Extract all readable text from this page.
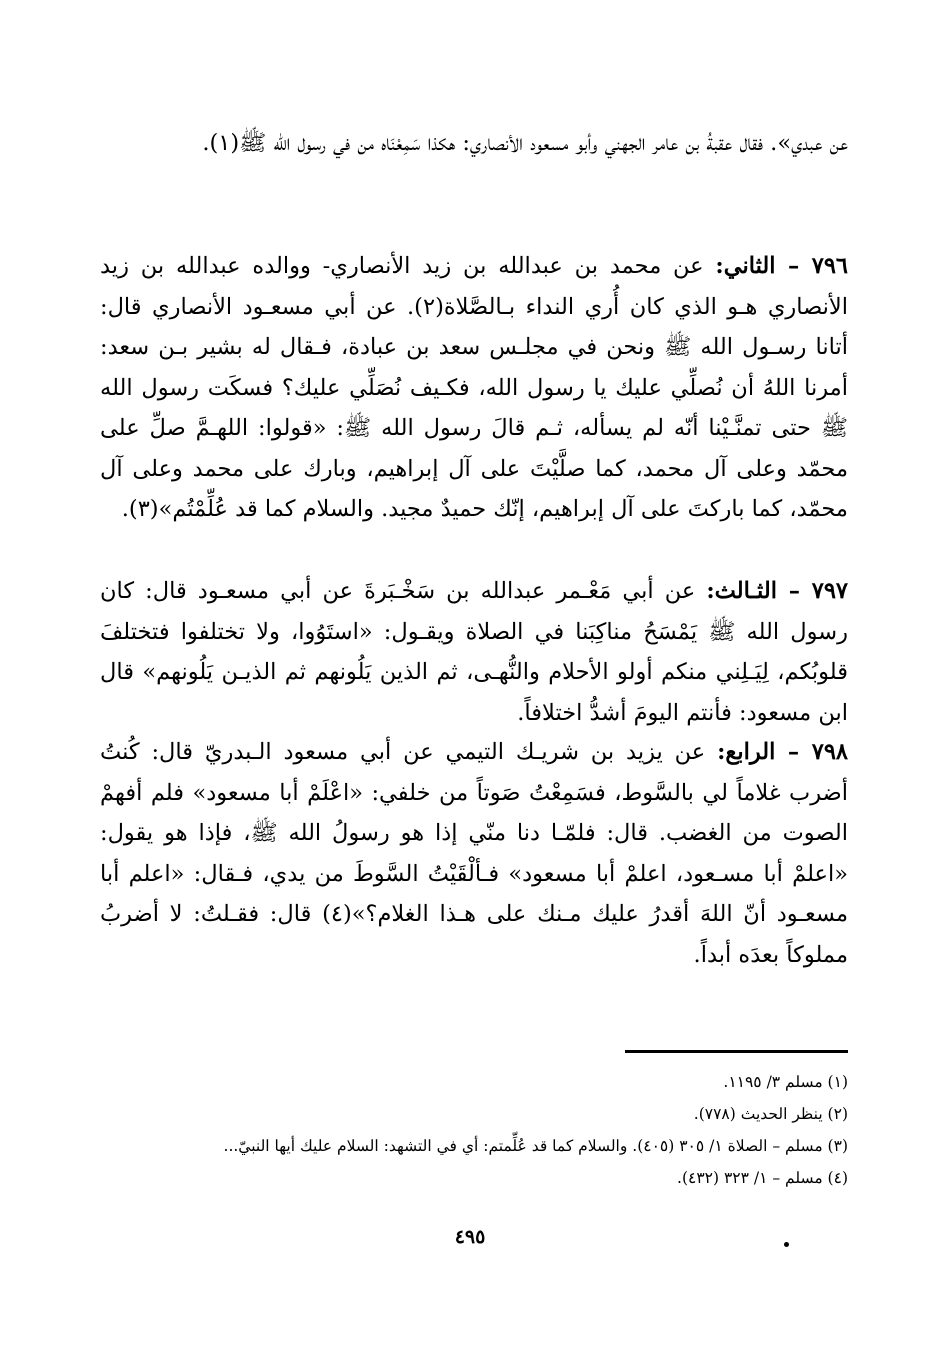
عن عبدي». فقال عقبةُ بن عامر الجهني وأبو مسعود الأنصاري: هكذا سَمِعْنَاه من في رسول الله ﷺ(١).

٧٩٦ – الثاني: عن محمد بن عبدالله بن زيد الأنصاري- ووالده عبدالله بن زيد الأنصاري هـو الذي كان أُري النداء بـالصَّلاة(٢). عن أبي مسعـود الأنصاري قال: أتانا رسـول الله ﷺ ونحن في مجلـس سعد بن عبادة، فـقال له بشير بـن سعد: أمرنا اللهُ أن نُصلِّي عليك يا رسول الله، فكـيف نُصَلِّي عليك؟ فسكَت رسول الله ﷺ حتى تمنَّـيْنا أنّه لم يسأله، ثـم قالَ رسول الله ﷺ: «قولوا: اللهـمَّ صلِّ على محمّد وعلى آل محمد، كما صلَّيْتَ على آل إبراهيم، وبارك على محمد وعلى آل محمّد، كما باركتَ على آل إبراهيم، إنّك حميدٌ مجيد. والسلام كما قد عُلِّمْتُم»(٣).

٧٩٧ – الثـالث: عن أبي مَعْـمر عبدالله بن سَخْـبَرةَ عن أبي مسعـود قال: كان رسول الله ﷺ يَمْسَحُ مناكِبَنا في الصلاة ويقـول: «استَوُوا، ولا تختلفوا فتختلفَ قلوبُكم، لِيَـلِني منكم أولو الأحلام والنُّهـى، ثم الذين يَلُونهم ثم الذيـن يَلُونهم» قال ابن مسعود: فأنتم اليومَ أشدُّ اختلافاً.

٧٩٨ – الرابع: عن يزيد بن شريـك التيمي عن أبي مسعود الـبدريّ قال: كُنتُ أضرب غلاماً لي بالسَّوط، فسَمِعْتُ صَوتاً من خلفي: «اعْلَمْ أبا مسعود» فلم أفهمْ الصوت من الغضب. قال: فلمّـا دنا منّي إذا هو رسولُ الله ﷺ، فإذا هو يقول: «اعلمْ أبا مسـعود، اعلمْ أبا مسعود» فـألْقَيْتُ السَّوطَ من يدي، فـقال: «اعلم أبا مسعـود أنّ اللهَ أقدرُ عليك مـنك على هـذا الغلام؟»(٤) قال: فقـلتُ: لا أضربُ مملوكاً بعدَه أبداً.

(١) مسلم ٣/ ١١٩٥.

(٢) ينظر الحديث (٧٧٨).

(٣) مسلم – الصلاة ١/ ٣٠٥ (٤٠٥). والسلام كما قد عُلِّمتم: أي في التشهد: السلام عليك أيها النبيّ...

(٤) مسلم – ١/ ٣٢٣ (٤٣٢).

٤٩٥
